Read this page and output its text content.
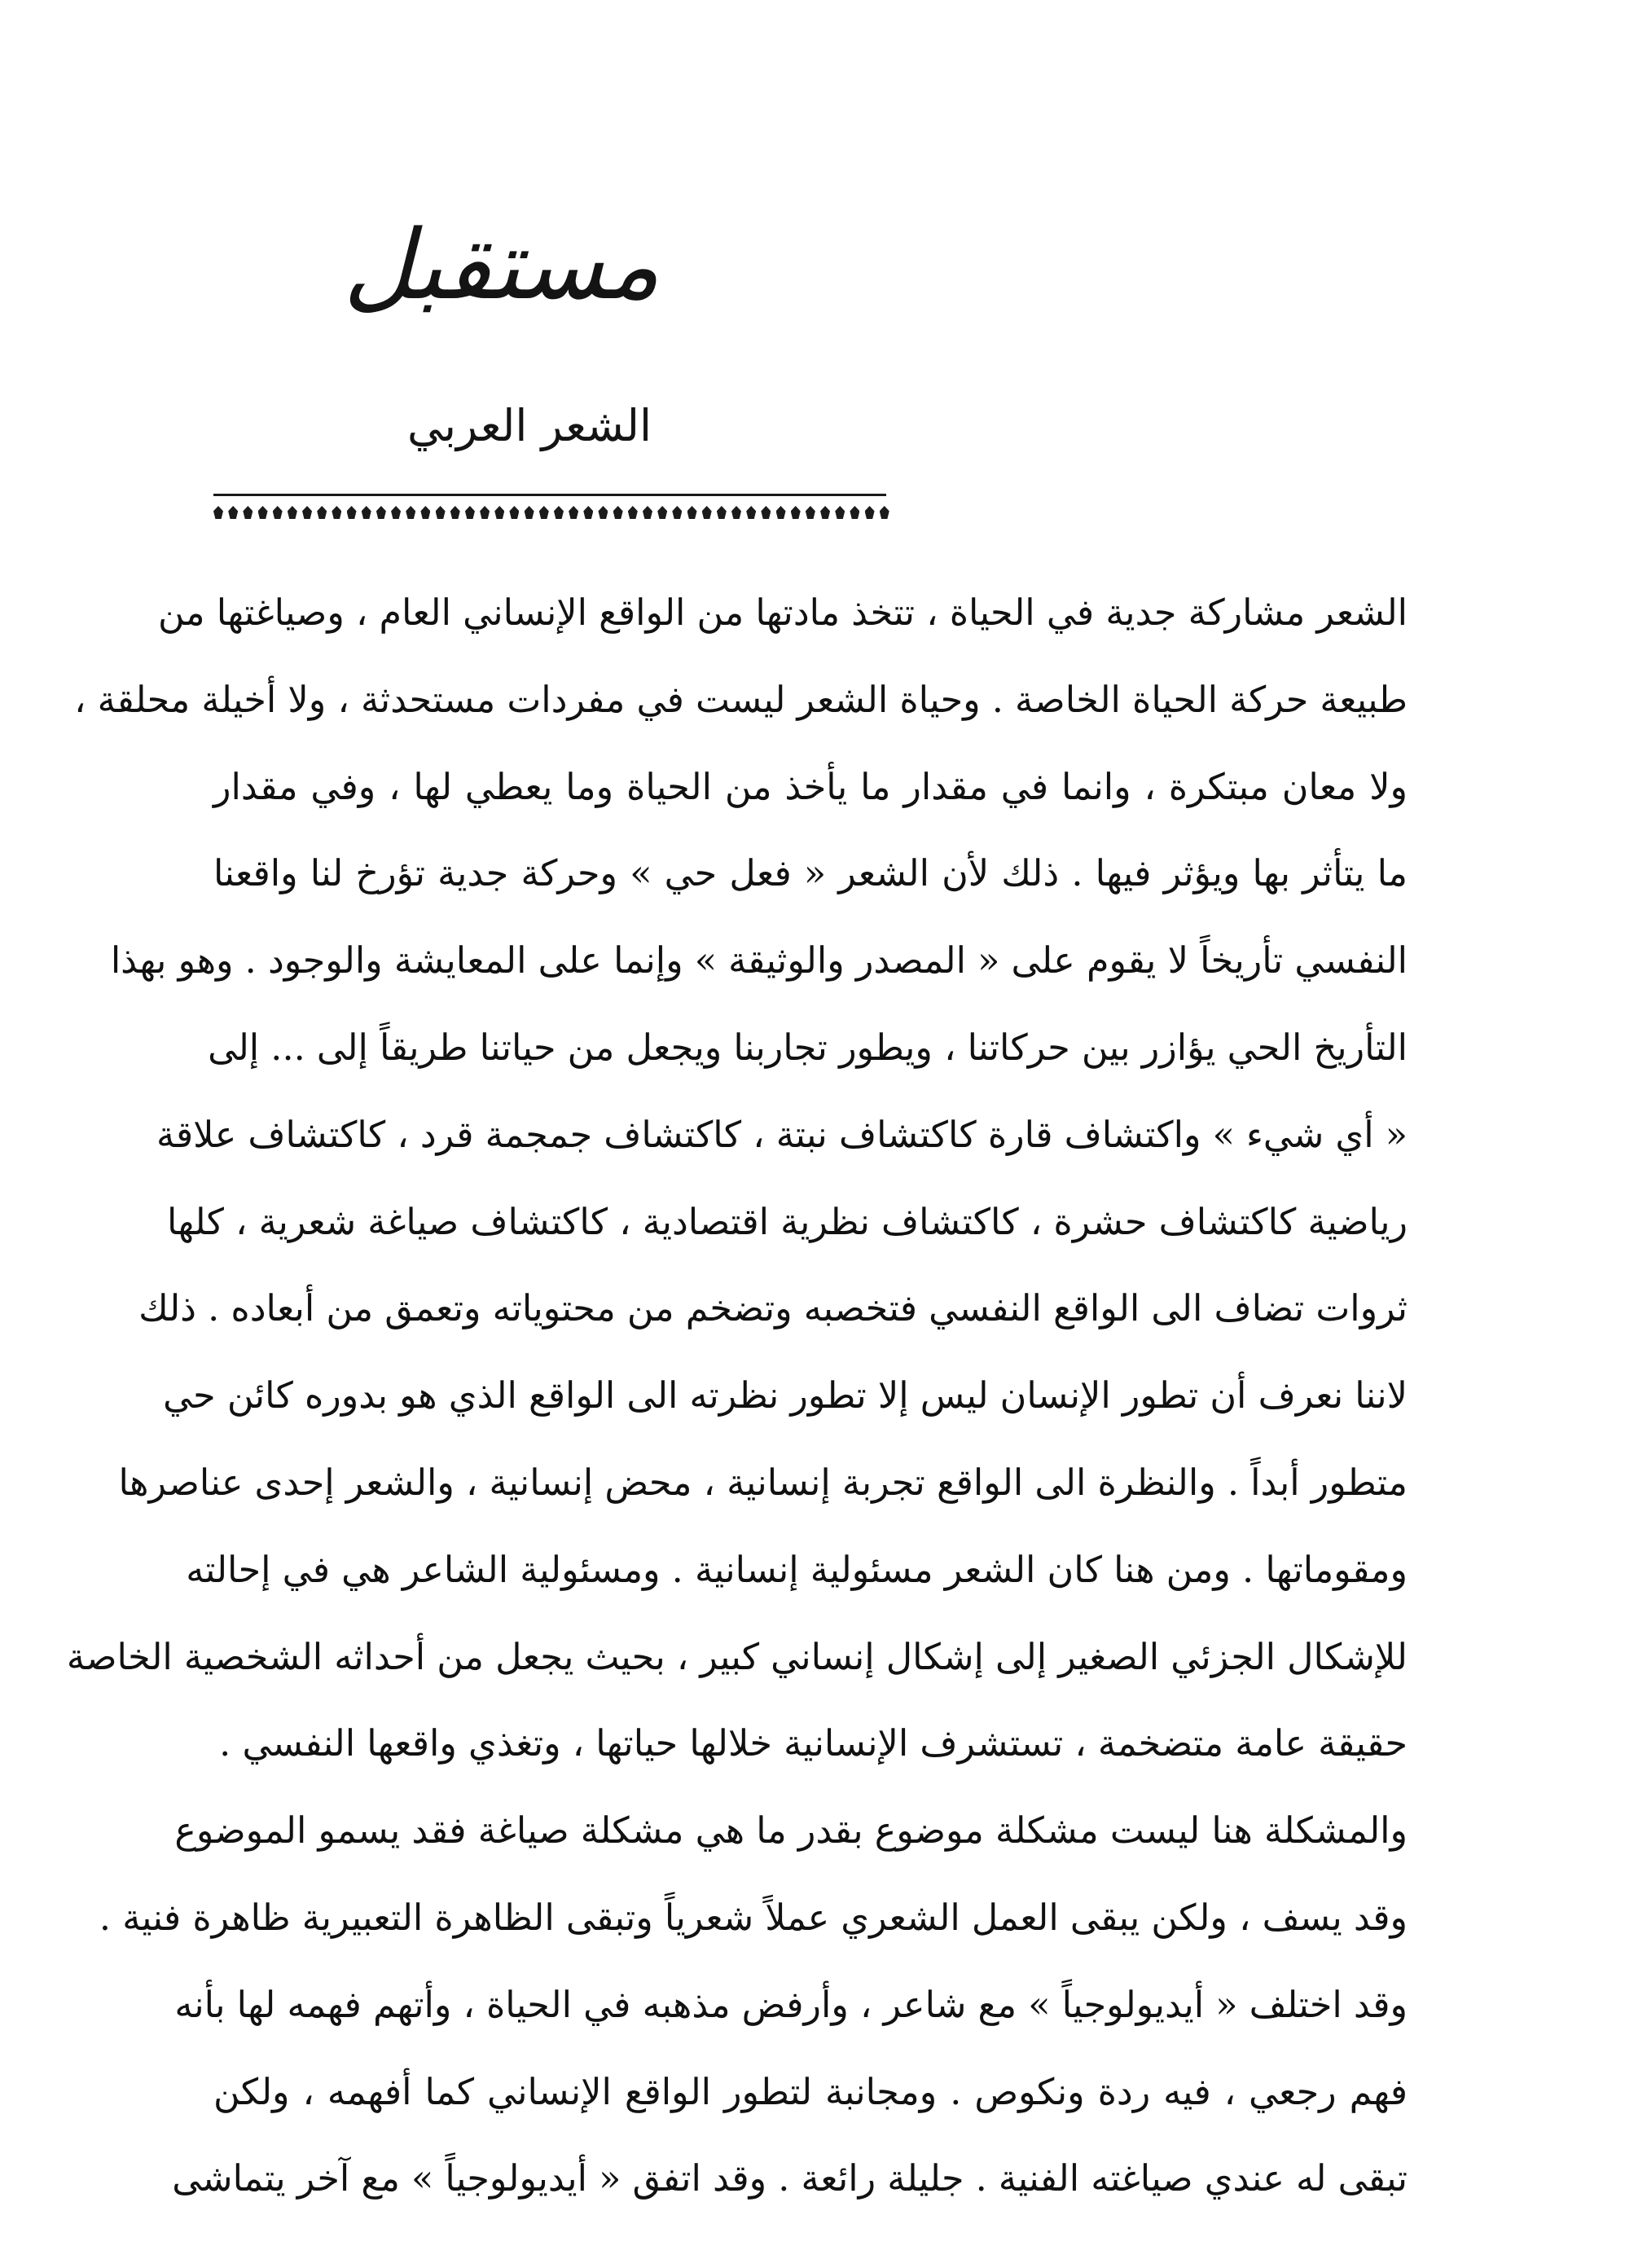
مستقبل
الشعر العربي
الشعر مشاركة جدية في الحياة ، تتخذ مادتها من الواقع الإنساني العام ، وصياغتها من
طبيعة حركة الحياة الخاصة . وحياة الشعر ليست في مفردات مستحدثة ، ولا أخيلة محلقة ،
ولا معان مبتكرة ، وانما في مقدار ما يأخذ من الحياة وما يعطي لها ، وفي مقدار
ما يتأثر بها ويؤثر فيها . ذلك لأن الشعر « فعل حي » وحركة جدية تؤرخ لنا واقعنا
النفسي تأريخاً لا يقوم على « المصدر والوثيقة » وإنما على المعايشة والوجود . وهو بهذا
التأريخ الحي يؤازر بين حركاتنا ، ويطور تجاربنا ويجعل من حياتنا طريقاً إلى ... إلى
« أي شيء » واكتشاف قارة كاكتشاف نبتة ، كاكتشاف جمجمة قرد ، كاكتشاف علاقة
رياضية كاكتشاف حشرة ، كاكتشاف نظرية اقتصادية ، كاكتشاف صياغة شعرية ، كلها
ثروات تضاف الى الواقع النفسي فتخصبه وتضخم من محتوياته وتعمق من أبعاده . ذلك
لاننا نعرف أن تطور الإنسان ليس إلا تطور نظرته الى الواقع الذي هو بدوره كائن حي
متطور أبداً . والنظرة الى الواقع تجربة إنسانية ، محض إنسانية ، والشعر إحدى عناصرها
ومقوماتها . ومن هنا كان الشعر مسئولية إنسانية . ومسئولية الشاعر هي في إحالته
للإشكال الجزئي الصغير إلى إشكال إنساني كبير ، بحيث يجعل من أحداثه الشخصية الخاصة
حقيقة عامة متضخمة ، تستشرف الإنسانية خلالها حياتها ، وتغذي واقعها النفسي .
والمشكلة هنا ليست مشكلة موضوع بقدر ما هي مشكلة صياغة فقد يسمو الموضوع
وقد يسف ، ولكن يبقى العمل الشعري عملاً شعرياً وتبقى الظاهرة التعبيرية ظاهرة فنية .
وقد اختلف « أيديولوجياً » مع شاعر ، وأرفض مذهبه في الحياة ، وأتهم فهمه لها بأنه
فهم رجعي ، فيه ردة ونكوص . ومجانبة لتطور الواقع الإنساني كما أفهمه ، ولكن
تبقى له عندي صياغته الفنية . جليلة رائعة . وقد اتفق « أيديولوجياً » مع آخر يتماشى
